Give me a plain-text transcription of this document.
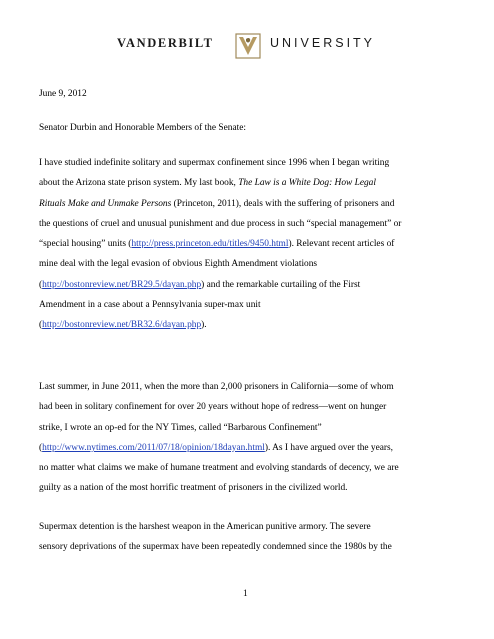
VANDERBILT	UNIVERSITY
June 9, 2012
Senator Durbin and Honorable Members of the Senate:
I have studied indefinite solitary and supermax confinement since 1996 when I began writing
about the Arizona state prison system. My last book, The Law is a White Dog: How Legal
Rituals Make and Unmake Persons (Princeton, 2011), deals with the suffering of prisoners and
the questions of cruel and unusual punishment and due process in such “special management” or
“special housing” units (http://press.princeton.edu/titles/9450.html). Relevant recent articles of
mine deal with the legal evasion of obvious Eighth Amendment violations
(http://bostonreview.net/BR29.5/dayan.php) and the remarkable curtailing of the First
Amendment in a case about a Pennsylvania super-max unit
(http://bostonreview.net/BR32.6/dayan.php).
Last summer, in June 2011, when the more than 2,000 prisoners in California—some of whom
had been in solitary confinement for over 20 years without hope of redress—went on hunger
strike, I wrote an op-ed for the NY Times, called “Barbarous Confinement”
(http://www.nytimes.com/2011/07/18/opinion/18dayan.html). As I have argued over the years,
no matter what claims we make of humane treatment and evolving standards of decency, we are
guilty as a nation of the most horrific treatment of prisoners in the civilized world.
Supermax detention is the harshest weapon in the American punitive armory. The severe
sensory deprivations of the supermax have been repeatedly condemned since the 1980s by the
1
